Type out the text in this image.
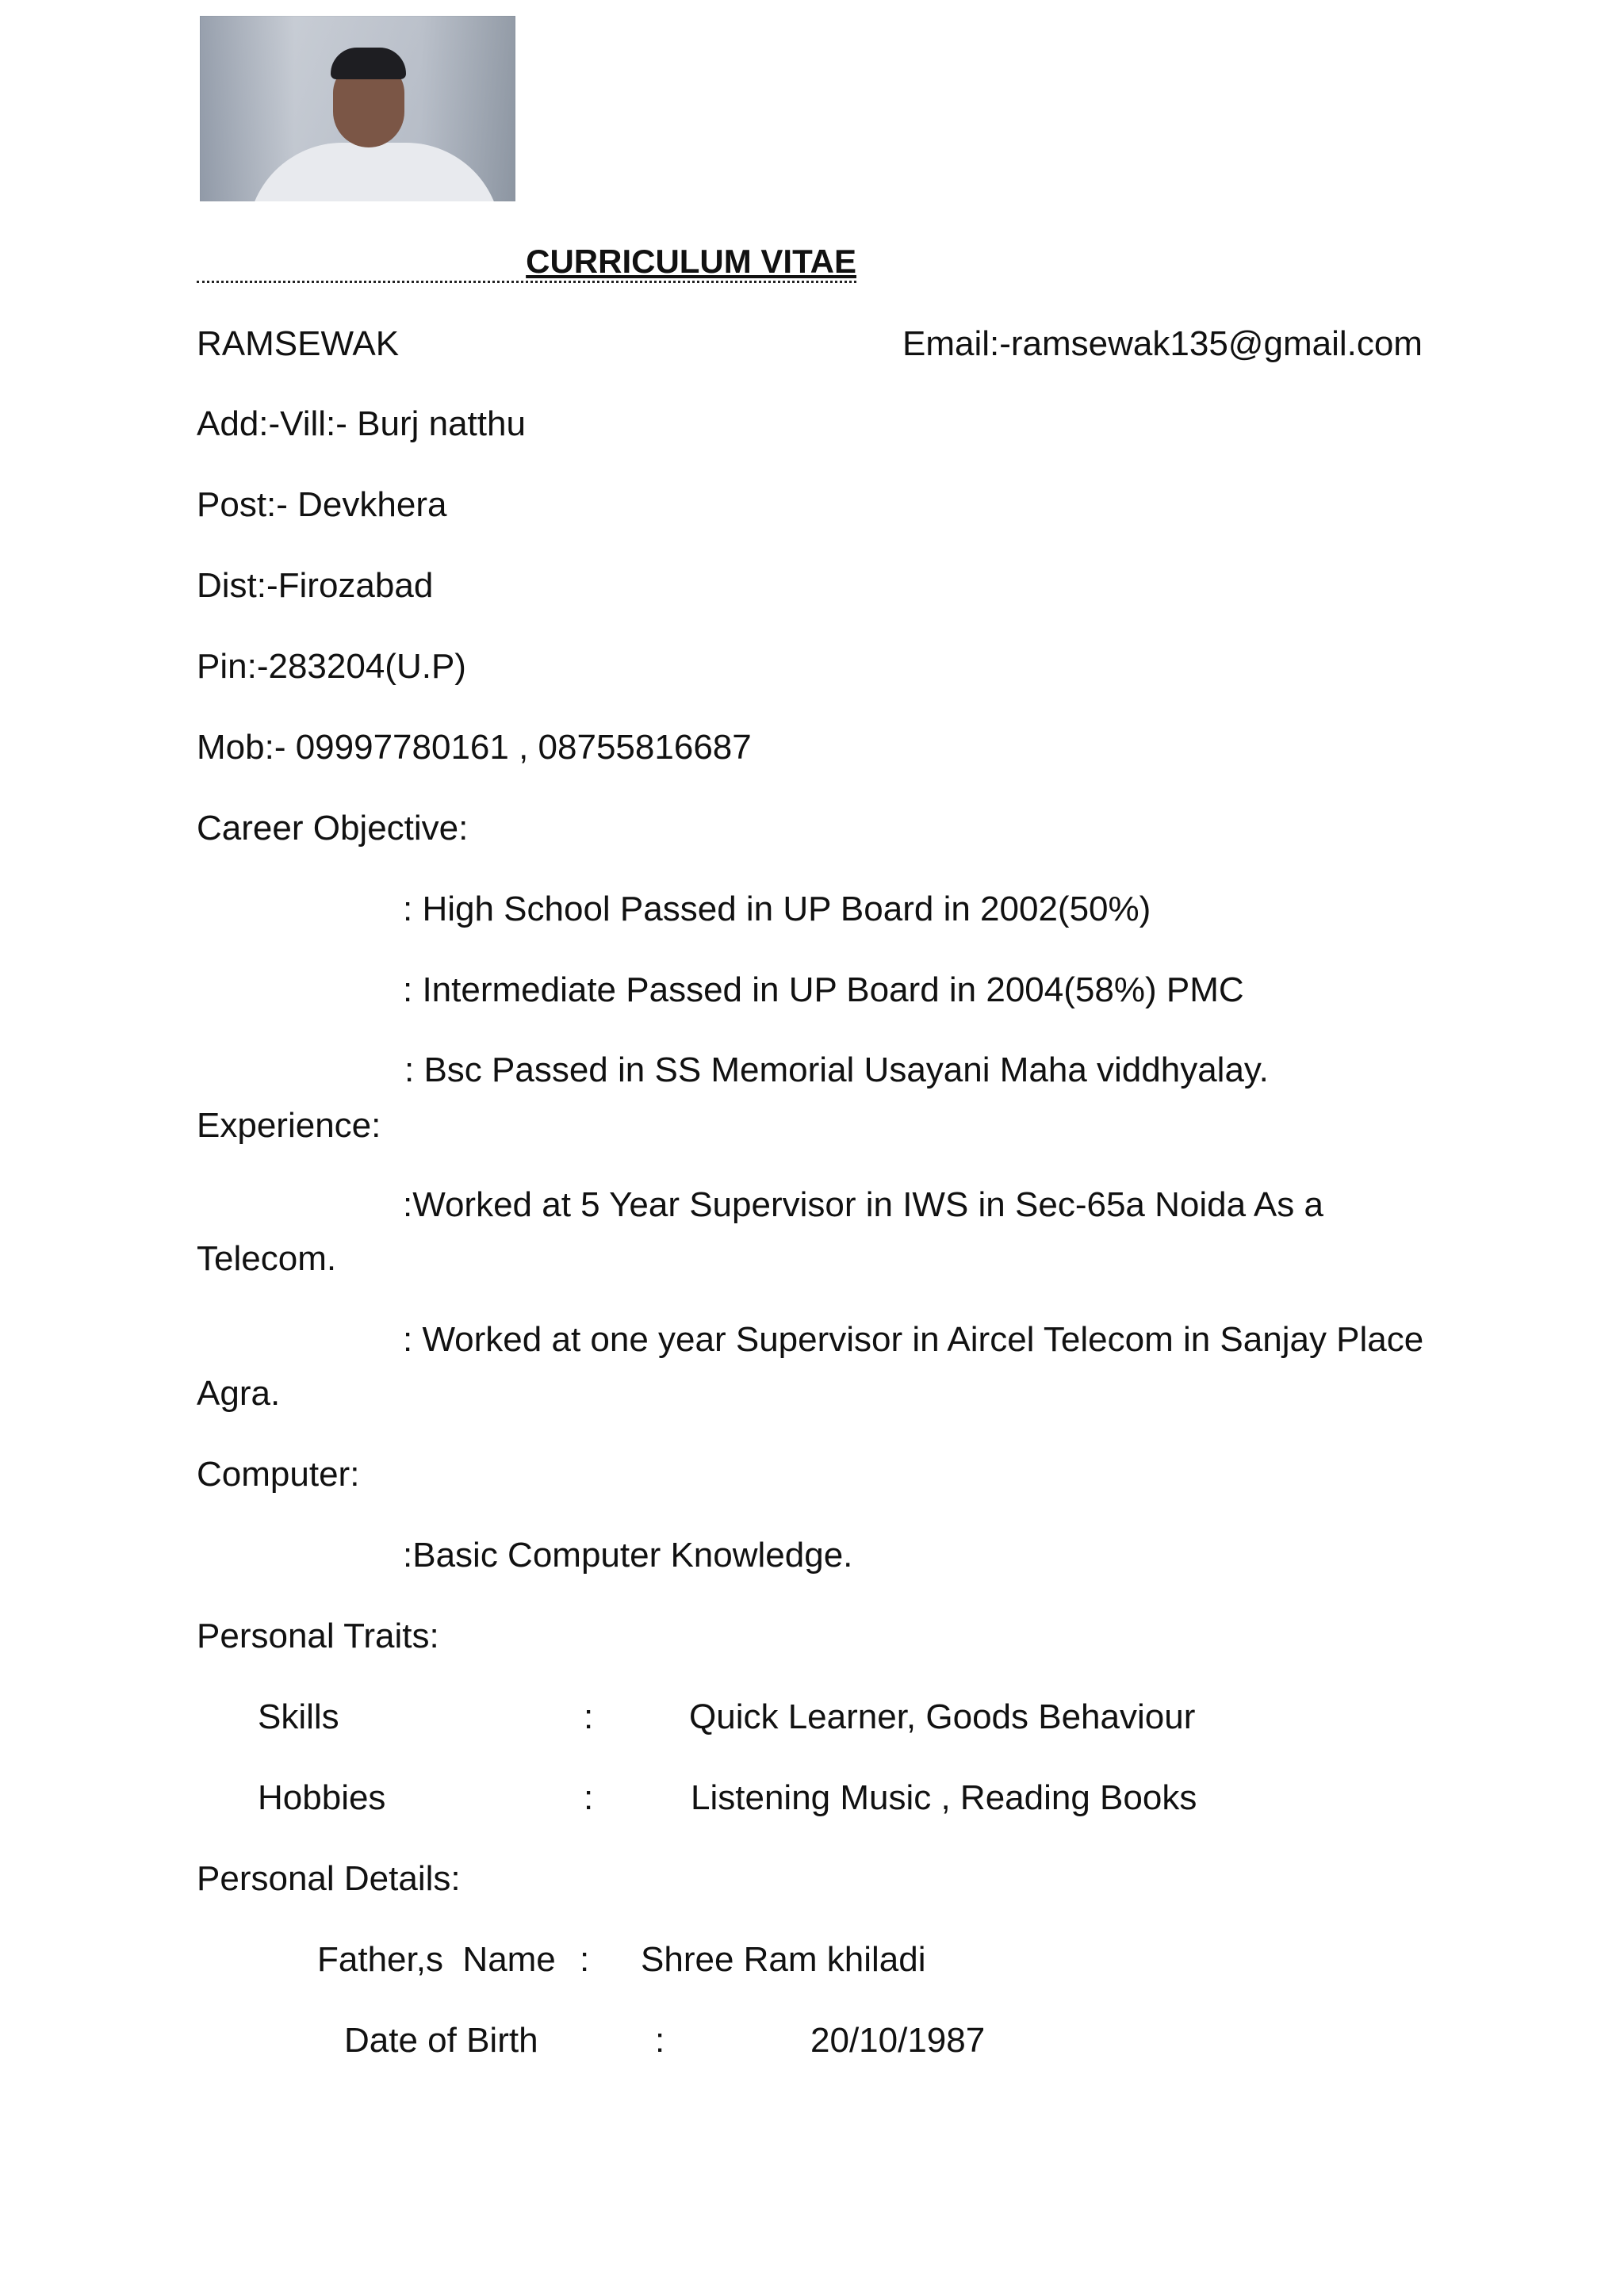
CURRICULUM VITAE
RAMSEWAK	Email:-ramsewak135@gmail.com
Add:-Vill:- Burj natthu
Post:- Devkhera
Dist:-Firozabad
Pin:-283204(U.P)
Mob:- 09997780161 , 08755816687
Career Objective:
: High School Passed in UP Board in 2002(50%)
: Intermediate Passed in UP Board in 2004(58%) PMC
: Bsc Passed in SS Memorial Usayani Maha viddhyalay.
Experience:
:Worked at 5 Year Supervisor in IWS in Sec-65a Noida As a
Telecom.
: Worked at one year Supervisor in Aircel Telecom in Sanjay Place
Agra.
Computer:
:Basic Computer Knowledge.
Personal Traits:
Skills	:	Quick Learner, Goods Behaviour
Hobbies	:	Listening Music , Reading Books
Personal Details:
Father,s  Name : Shree Ram khiladi
Date of Birth	:	20/10/1987
